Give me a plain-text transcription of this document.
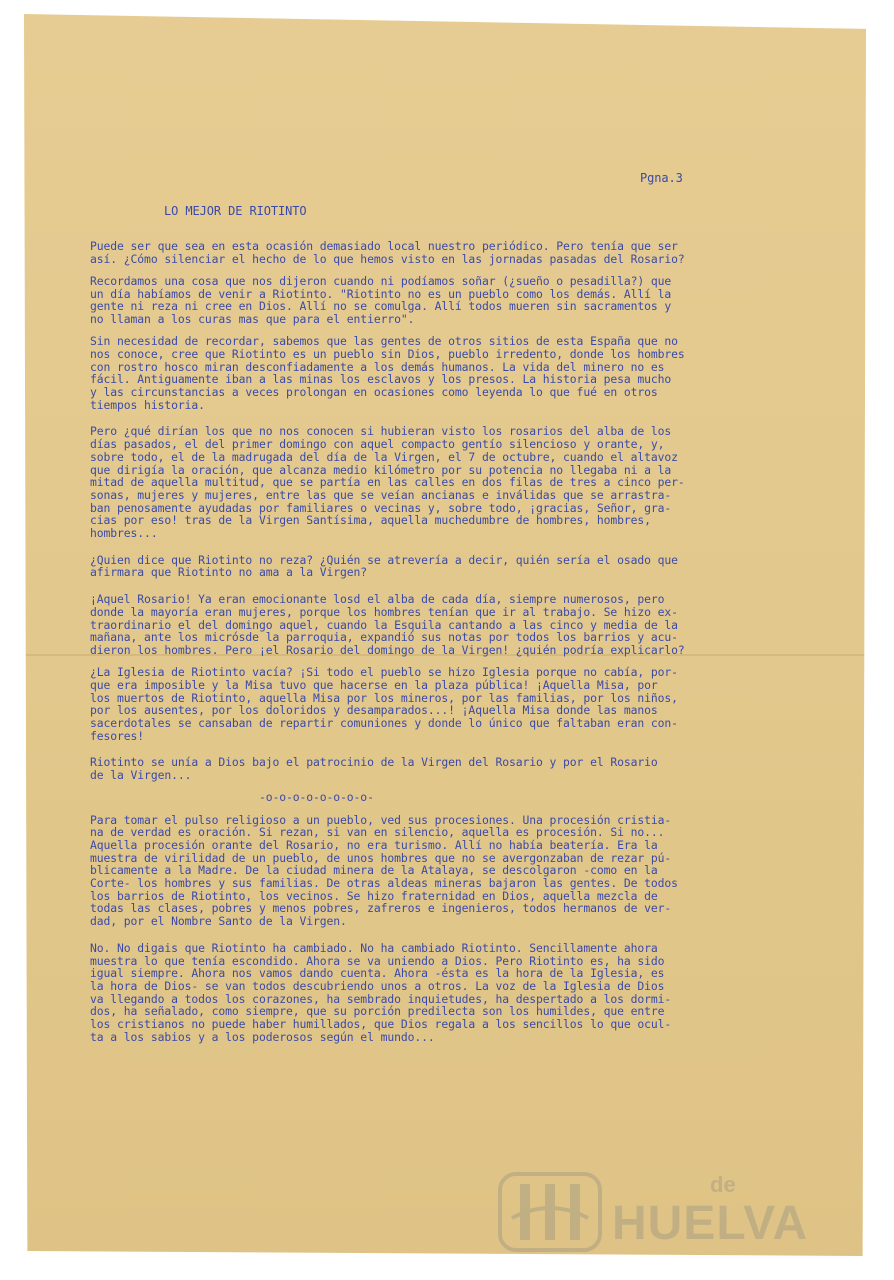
Pgna.3
LO MEJOR DE RIOTINTO

Puede ser que sea en esta ocasión demasiado local nuestro periódico. Pero tenía que ser
así. ¿Cómo silenciar el hecho de lo que hemos visto en las jornadas pasadas del Rosario?

Recordamos una cosa que nos dijeron cuando ni podíamos soñar (¿sueño o pesadilla?) que
un día habíamos de venir a Riotinto. "Riotinto no es un pueblo como los demás. Allí la
gente ni reza ni cree en Dios. Allí no se comulga. Allí todos mueren sin sacramentos y
no llaman a los curas mas que para el entierro".

Sin necesidad de recordar, sabemos que las gentes de otros sitios de esta España que no
nos conoce, cree que Riotinto es un pueblo sin Dios, pueblo irredento, donde los hombres
con rostro hosco miran desconfiadamente a los demás humanos. La vida del minero no es
fácil. Antiguamente iban a las minas los esclavos y los presos. La historia pesa mucho
y las circunstancias a veces prolongan en ocasiones como leyenda lo que fué en otros
tiempos historia.

Pero ¿qué dirían los que no nos conocen si hubieran visto los rosarios del alba de los
días pasados, el del primer domingo con aquel compacto gentío silencioso y orante, y,
sobre todo, el de la madrugada del día de la Virgen, el 7 de octubre, cuando el altavoz
que dirigía la oración, que alcanza medio kilómetro por su potencia no llegaba ni a la
mitad de aquella multitud, que se partía en las calles en dos filas de tres a cinco per-
sonas, mujeres y mujeres, entre las que se veían ancianas e inválidas que se arrastra-
ban penosamente ayudadas por familiares o vecinas y, sobre todo, ¡gracias, Señor, gra-
cias por eso! tras de la Virgen Santísima, aquella muchedumbre de hombres, hombres,
hombres...

¿Quien dice que Riotinto no reza? ¿Quién se atrevería a decir, quién sería el osado que
afirmara que Riotinto no ama a la Virgen?

¡Aquel Rosario! Ya eran emocionante losd el alba de cada día, siempre numerosos, pero
donde la mayoría eran mujeres, porque los hombres tenían que ir al trabajo. Se hizo ex-
traordinario el del domingo aquel, cuando la Esquila cantando a las cinco y media de la
mañana, ante los micrósde la parroquia, expandió sus notas por todos los barrios y acu-
dieron los hombres. Pero ¡el Rosario del domingo de la Virgen! ¿quién podría explicarlo?

¿La Iglesia de Riotinto vacía? ¡Si todo el pueblo se hizo Iglesia porque no cabía, por-
que era imposible y la Misa tuvo que hacerse en la plaza pública! ¡Aquella Misa, por
los muertos de Riotinto, aquella Misa por los mineros, por las familias, por los niños,
por los ausentes, por los doloridos y desamparados...! ¡Aquella Misa donde las manos
sacerdotales se cansaban de repartir comuniones y donde lo único que faltaban eran con-
fesores!

Riotinto se unía a Dios bajo el patrocinio de la Virgen del Rosario y por el Rosario
de la Virgen...

-o-o-o-o-o-o-o-o-

Para tomar el pulso religioso a un pueblo, ved sus procesiones. Una procesión cristia-
na de verdad es oración. Si rezan, si van en silencio, aquella es procesión. Si no...
Aquella procesión orante del Rosario, no era turismo. Allí no había beatería. Era la
muestra de virilidad de un pueblo, de unos hombres que no se avergonzaban de rezar pú-
blicamente a la Madre. De la ciudad minera de la Atalaya, se descolgaron -como en la
Corte- los hombres y sus familias. De otras aldeas mineras bajaron las gentes. De todos
los barrios de Riotinto, los vecinos. Se hizo fraternidad en Dios, aquella mezcla de
todas las clases, pobres y menos pobres, zafreros e ingenieros, todos hermanos de ver-
dad, por el Nombre Santo de la Virgen.

No. No digais que Riotinto ha cambiado. No ha cambiado Riotinto. Sencillamente ahora
muestra lo que tenía escondido. Ahora se va uniendo a Dios. Pero Riotinto es, ha sido
igual siempre. Ahora nos vamos dando cuenta. Ahora -ésta es la hora de la Iglesia, es
la hora de Dios- se van todos descubriendo unos a otros. La voz de la Iglesia de Dios
va llegando a todos los corazones, ha sembrado inquietudes, ha despertado a los dormi-
dos, ha señalado, como siempre, que su porción predilecta son los humildes, que entre
los cristianos no puede haber humillados, que Dios regala a los sencillos lo que ocul-
ta a los sabios y a los poderosos según el mundo...

de
HUELVA
